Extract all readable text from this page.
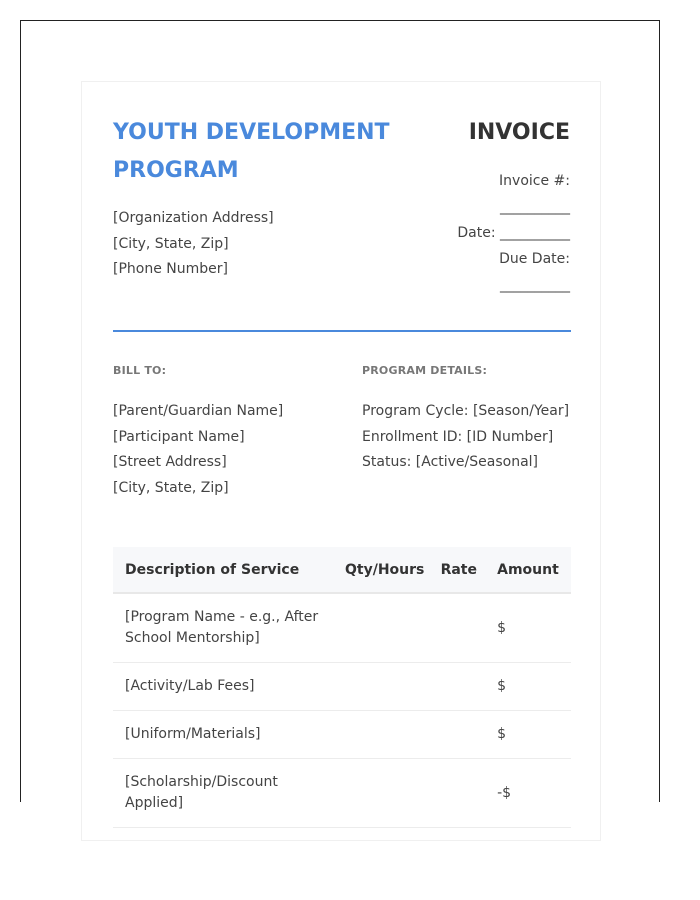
YOUTH DEVELOPMENT PROGRAM
INVOICE
[Organization Address]
[City, State, Zip]
[Phone Number]
Invoice #:
__________
Date: __________
Due Date:
__________
BILL TO:	PROGRAM DETAILS:
[Parent/Guardian Name]
[Participant Name]
[Street Address]
[City, State, Zip]
Program Cycle: [Season/Year]
Enrollment ID: [ID Number]
Status: [Active/Seasonal]
Description of Service	Qty/Hours	Rate	Amount
[Program Name - e.g., After School Mentorship]			$
[Activity/Lab Fees]			$
[Uniform/Materials]			$
[Scholarship/Discount Applied]			-$
